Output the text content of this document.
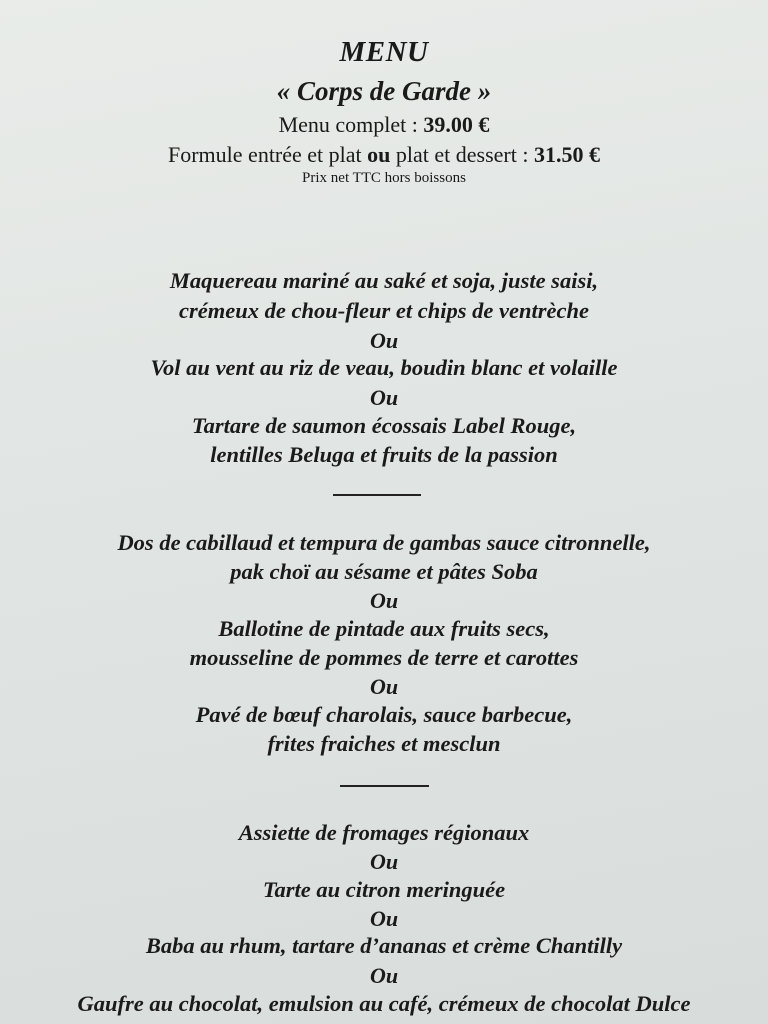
MENU
« Corps de Garde »
Menu complet : 39.00 €
Formule entrée et plat ou plat et dessert : 31.50 €
Prix net TTC hors boissons
Maquereau mariné au saké et soja, juste saisi,
crémeux de chou-fleur et chips de ventrèche
Ou
Vol au vent au riz de veau, boudin blanc et volaille
Ou
Tartare de saumon écossais Label Rouge,
lentilles Beluga et fruits de la passion
Dos de cabillaud et tempura de gambas sauce citronnelle,
pak choï au sésame et pâtes Soba
Ou
Ballotine de pintade aux fruits secs,
mousseline de pommes de terre et carottes
Ou
Pavé de bœuf charolais, sauce barbecue,
frites fraiches et mesclun
Assiette de fromages régionaux
Ou
Tarte au citron meringuée
Ou
Baba au rhum, tartare d’ananas et crème Chantilly
Ou
Gaufre au chocolat, emulsion au café, crémeux de chocolat Dulce
